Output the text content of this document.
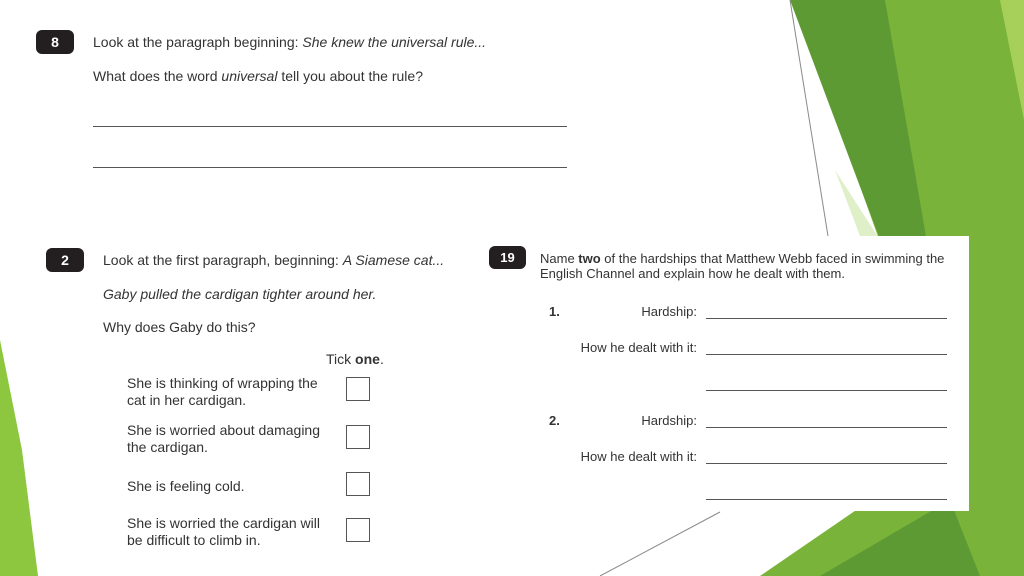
8	Look at the paragraph beginning: She knew the universal rule...
What does the word universal tell you about the rule?
2	Look at the first paragraph, beginning: A Siamese cat...
Gaby pulled the cardigan tighter around her.
Why does Gaby do this?
Tick one.
She is thinking of wrapping the
cat in her cardigan.
She is worried about damaging
the cardigan.
She is feeling cold.
She is worried the cardigan will
be difficult to climb in.
19	Name two of the hardships that Matthew Webb faced in swimming the
English Channel and explain how he dealt with them.
1.	Hardship:
How he dealt with it:
2.	Hardship:
How he dealt with it:
